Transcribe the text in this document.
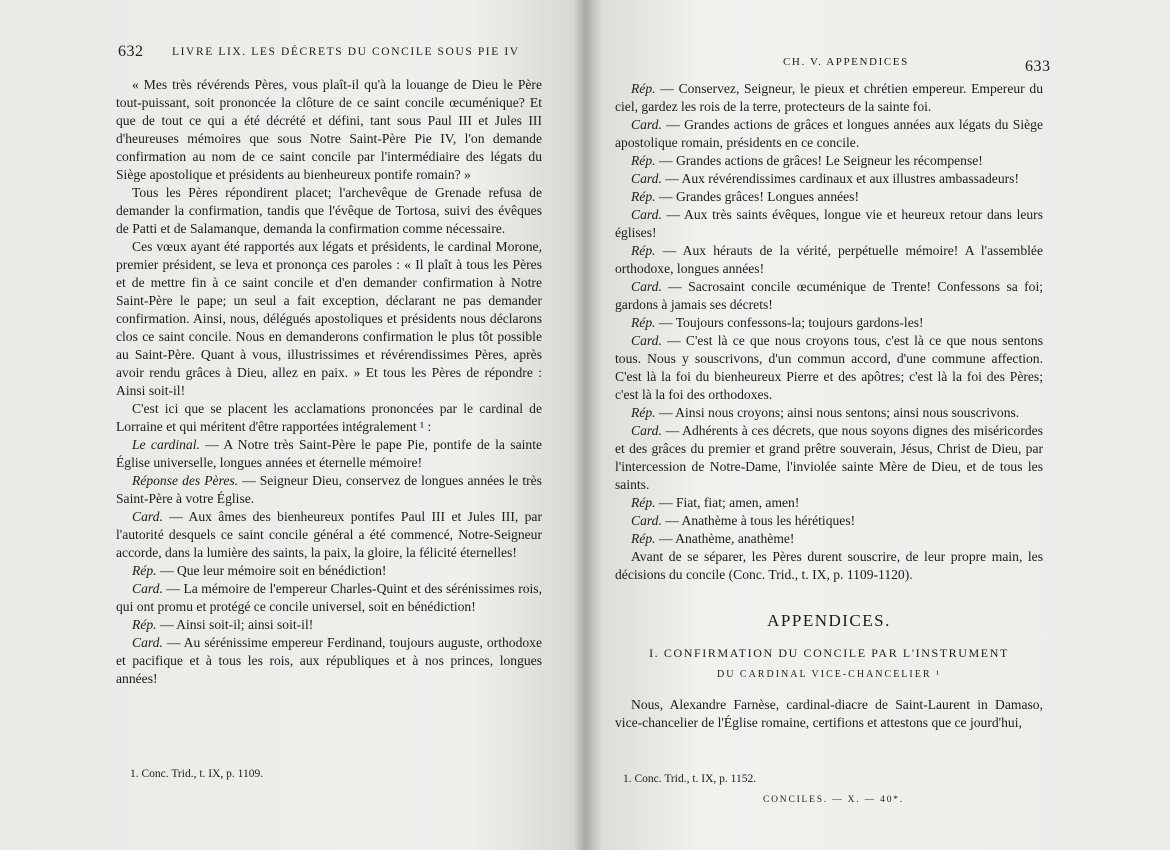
632 LIVRE LIX. LES DÉCRETS DU CONCILE SOUS PIE IV

« Mes très révérends Pères, vous plaît-il qu'à la louange de Dieu le Père tout-puissant, soit prononcée la clôture de ce saint concile œcuménique? Et que de tout ce qui a été décrété et défini, tant sous Paul III et Jules III d'heureuses mémoires que sous Notre Saint-Père Pie IV, l'on demande confirmation au nom de ce saint concile par l'intermédiaire des légats du Siège apostolique et présidents au bienheureux pontife romain? »

Tous les Pères répondirent placet; l'archevêque de Grenade refusa de demander la confirmation, tandis que l'évêque de Tortosa, suivi des évêques de Patti et de Salamanque, demanda la confirmation comme nécessaire.

Ces vœux ayant été rapportés aux légats et présidents, le cardinal Morone, premier président, se leva et prononça ces paroles : « Il plaît à tous les Pères et de mettre fin à ce saint concile et d'en demander confirmation à Notre Saint-Père le pape; un seul a fait exception, déclarant ne pas demander confirmation. Ainsi, nous, délégués apostoliques et présidents nous déclarons clos ce saint concile. Nous en demanderons confirmation le plus tôt possible au Saint-Père. Quant à vous, illustrissimes et révérendissimes Pères, après avoir rendu grâces à Dieu, allez en paix. » Et tous les Pères de répondre : Ainsi soit-il!

C'est ici que se placent les acclamations prononcées par le cardinal de Lorraine et qui méritent d'être rapportées intégralement ¹ :

Le cardinal. — A Notre très Saint-Père le pape Pie, pontife de la sainte Église universelle, longues années et éternelle mémoire!

Réponse des Pères. — Seigneur Dieu, conservez de longues années le très Saint-Père à votre Église.

Card. — Aux âmes des bienheureux pontifes Paul III et Jules III, par l'autorité desquels ce saint concile général a été commencé, Notre-Seigneur accorde, dans la lumière des saints, la paix, la gloire, la félicité éternelles!

Rép. — Que leur mémoire soit en bénédiction!

Card. — La mémoire de l'empereur Charles-Quint et des sérénissimes rois, qui ont promu et protégé ce concile universel, soit en bénédiction!

Rép. — Ainsi soit-il; ainsi soit-il!

Card. — Au sérénissime empereur Ferdinand, toujours auguste, orthodoxe et pacifique et à tous les rois, aux républiques et à nos princes, longues années!

1. Conc. Trid., t. IX, p. 1109.
CH. V. APPENDICES	633

Rép. — Conservez, Seigneur, le pieux et chrétien empereur. Empereur du ciel, gardez les rois de la terre, protecteurs de la sainte foi.

Card. — Grandes actions de grâces et longues années aux légats du Siège apostolique romain, présidents en ce concile.

Rép. — Grandes actions de grâces! Le Seigneur les récompense!

Card. — Aux révérendissimes cardinaux et aux illustres ambassadeurs!

Rép. — Grandes grâces! Longues années!

Card. — Aux très saints évêques, longue vie et heureux retour dans leurs églises!

Rép. — Aux hérauts de la vérité, perpétuelle mémoire! A l'assemblée orthodoxe, longues années!

Card. — Sacrosaint concile œcuménique de Trente! Confessons sa foi; gardons à jamais ses décrets!

Rép. — Toujours confessons-la; toujours gardons-les!

Card. — C'est là ce que nous croyons tous, c'est là ce que nous sentons tous. Nous y souscrivons, d'un commun accord, d'une commune affection. C'est là la foi du bienheureux Pierre et des apôtres; c'est là la foi des Pères; c'est là la foi des orthodoxes.

Rép. — Ainsi nous croyons; ainsi nous sentons; ainsi nous souscrivons.

Card. — Adhérents à ces décrets, que nous soyons dignes des miséricordes et des grâces du premier et grand prêtre souverain, Jésus, Christ de Dieu, par l'intercession de Notre-Dame, l'inviolée sainte Mère de Dieu, et de tous les saints.

Rép. — Fiat, fiat; amen, amen!

Card. — Anathème à tous les hérétiques!

Rép. — Anathème, anathème!

Avant de se séparer, les Pères durent souscrire, de leur propre main, les décisions du concile (Conc. Trid., t. IX, p. 1109-1120).

APPENDICES.
I. CONFIRMATION DU CONCILE PAR L'INSTRUMENT
DU CARDINAL VICE-CHANCELIER ¹

Nous, Alexandre Farnèse, cardinal-diacre de Saint-Laurent in Damaso, vice-chancelier de l'Église romaine, certifions et attestons que ce jourd'hui,

1. Conc. Trid., t. IX, p. 1152.
CONCILES. — X. — 40*.
